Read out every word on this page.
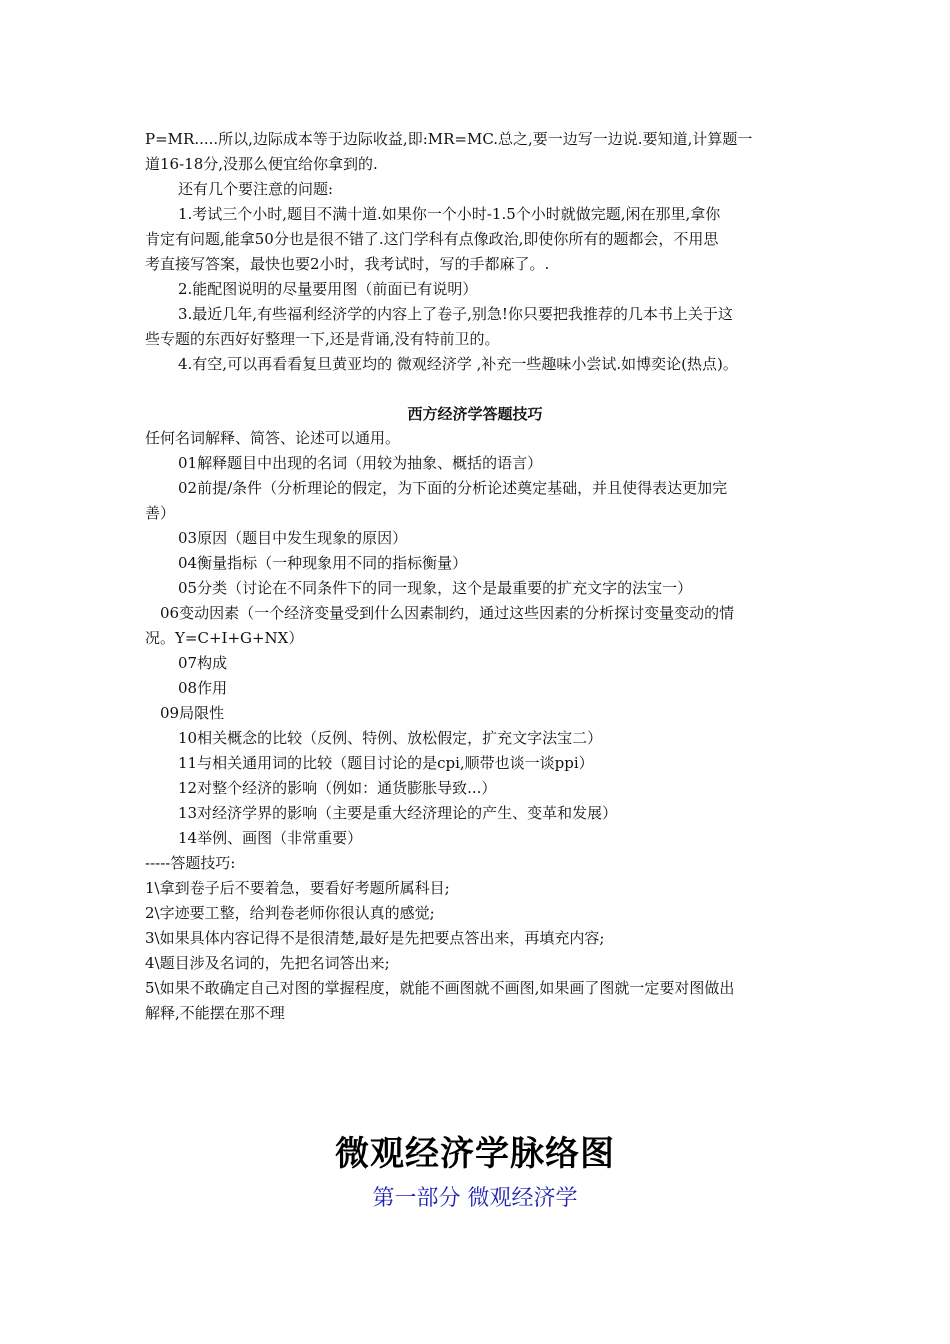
P=MR.....所以,边际成本等于边际收益,即:MR=MC.总之,要一边写一边说.要知道,计算题一
道16-18分,没那么便宜给你拿到的.
还有几个要注意的问题:
1.考试三个小时,题目不满十道.如果你一个小时-1.5个小时就做完题,闲在那里,拿你
肯定有问题,能拿50分也是很不错了.这门学科有点像政治,即使你所有的题都会，不用思
考直接写答案，最快也要2小时，我考试时，写的手都麻了。.
2.能配图说明的尽量要用图（前面已有说明）
3.最近几年,有些福利经济学的内容上了卷子,别急!你只要把我推荐的几本书上关于这
些专题的东西好好整理一下,还是背诵,没有特前卫的。
4.有空,可以再看看复旦黄亚均的 微观经济学 ,补充一些趣味小尝试.如博奕论(热点)。
西方经济学答题技巧
任何名词解释、简答、论述可以通用。
01解释题目中出现的名词（用较为抽象、概括的语言）
02前提/条件（分析理论的假定，为下面的分析论述奠定基础，并且使得表达更加完
善）
03原因（题目中发生现象的原因）
04衡量指标（一种现象用不同的指标衡量）
05分类（讨论在不同条件下的同一现象，这个是最重要的扩充文字的法宝一）
06变动因素（一个经济变量受到什么因素制约，通过这些因素的分析探讨变量变动的情
况。Y=C+I+G+NX）
07构成
08作用
09局限性
10相关概念的比较（反例、特例、放松假定，扩充文字法宝二）
11与相关通用词的比较（题目讨论的是cpi,顺带也谈一谈ppi）
12对整个经济的影响（例如：通货膨胀导致...）
13对经济学界的影响（主要是重大经济理论的产生、变革和发展）
14举例、画图（非常重要）
-----答题技巧:
1\拿到卷子后不要着急，要看好考题所属科目;
2\字迹要工整，给判卷老师你很认真的感觉;
3\如果具体内容记得不是很清楚,最好是先把要点答出来，再填充内容;
4\题目涉及名词的，先把名词答出来;
5\如果不敢确定自己对图的掌握程度，就能不画图就不画图,如果画了图就一定要对图做出
解释,不能摆在那不理
微观经济学脉络图
第一部分 微观经济学
